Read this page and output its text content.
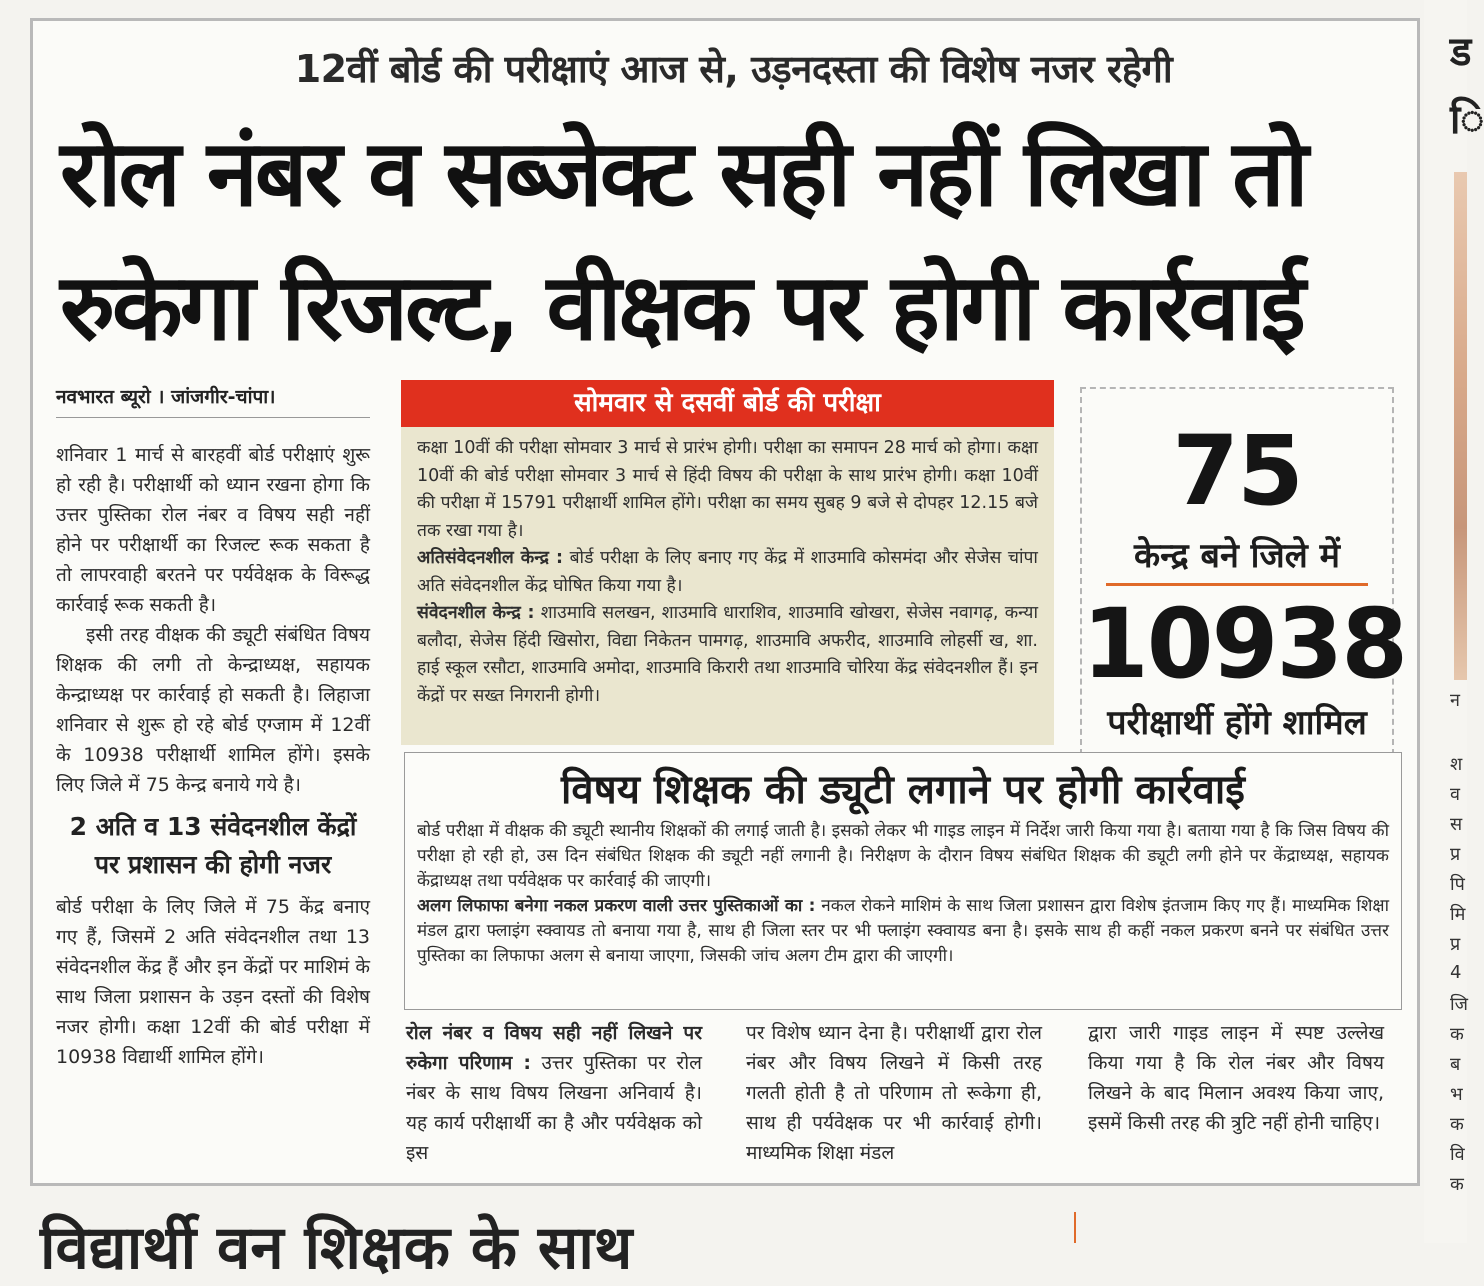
12वीं बोर्ड की परीक्षाएं आज से, उड़नदस्ता की विशेष नजर रहेगी
रोल नंबर व सब्जेक्ट सही नहीं लिखा तो
रुकेगा रिजल्ट, वीक्षक पर होगी कार्रवाई
नवभारत ब्यूरो । जांजगीर-चांपा।
शनिवार 1 मार्च से बारहवीं बोर्ड परीक्षाएं शुरू हो रही है। परीक्षार्थी को ध्यान रखना होगा कि उत्तर पुस्तिका रोल नंबर व विषय सही नहीं होने पर परीक्षार्थी का रिजल्ट रूक सकता है तो लापरवाही बरतने पर पर्यवेक्षक के विरूद्ध कार्रवाई रूक सकती है।
इसी तरह वीक्षक की ड्यूटी संबंधित विषय शिक्षक की लगी तो केन्द्राध्यक्ष, सहायक केन्द्राध्यक्ष पर कार्रवाई हो सकती है। लिहाजा शनिवार से शुरू हो रहे बोर्ड एग्जाम में 12वीं के 10938 परीक्षार्थी शामिल होंगे। इसके लिए जिले में 75 केन्द्र बनाये गये है।
2 अति व 13 संवेदनशील केंद्रों पर प्रशासन की होगी नजर
बोर्ड परीक्षा के लिए जिले में 75 केंद्र बनाए गए हैं, जिसमें 2 अति संवेदनशील तथा 13 संवेदनशील केंद्र हैं और इन केंद्रों पर माशिमं के साथ जिला प्रशासन के उड़न दस्तों की विशेष नजर होगी। कक्षा 12वीं की बोर्ड परीक्षा में 10938 विद्यार्थी शामिल होंगे।
सोमवार से दसवीं बोर्ड की परीक्षा
कक्षा 10वीं की परीक्षा सोमवार 3 मार्च से प्रारंभ होगी। परीक्षा का समापन 28 मार्च को होगा। कक्षा 10वीं की बोर्ड परीक्षा सोमवार 3 मार्च से हिंदी विषय की परीक्षा के साथ प्रारंभ होगी। कक्षा 10वीं की परीक्षा में 15791 परीक्षार्थी शामिल होंगे। परीक्षा का समय सुबह 9 बजे से दोपहर 12.15 बजे तक रखा गया है।
अतिसंवेदनशील केन्द्र : बोर्ड परीक्षा के लिए बनाए गए केंद्र में शाउमावि कोसमंदा और सेजेस चांपा अति संवेदनशील केंद्र घोषित किया गया है।
संवेदनशील केन्द्र : शाउमावि सलखन, शाउमावि धाराशिव, शाउमावि खोखरा, सेजेस नवागढ़, कन्या बलौदा, सेजेस हिंदी खिसोरा, विद्या निकेतन पामगढ़, शाउमावि अफरीद, शाउमावि लोहर्सी ख, शा. हाई स्कूल रसौटा, शाउमावि अमोदा, शाउमावि किरारी तथा शाउमावि चोरिया केंद्र संवेदनशील हैं। इन केंद्रों पर सख्त निगरानी होगी।
75
केन्द्र बने जिले में
10938
परीक्षार्थी होंगे शामिल
विषय शिक्षक की ड्यूटी लगाने पर होगी कार्रवाई
बोर्ड परीक्षा में वीक्षक की ड्यूटी स्थानीय शिक्षकों की लगाई जाती है। इसको लेकर भी गाइड लाइन में निर्देश जारी किया गया है। बताया गया है कि जिस विषय की परीक्षा हो रही हो, उस दिन संबंधित शिक्षक की ड्यूटी नहीं लगानी है। निरीक्षण के दौरान विषय संबंधित शिक्षक की ड्यूटी लगी होने पर केंद्राध्यक्ष, सहायक केंद्राध्यक्ष तथा पर्यवेक्षक पर कार्रवाई की जाएगी।
अलग लिफाफा बनेगा नकल प्रकरण वाली उत्तर पुस्तिकाओं का : नकल रोकने माशिमं के साथ जिला प्रशासन द्वारा विशेष इंतजाम किए गए हैं। माध्यमिक शिक्षा मंडल द्वारा फ्लाइंग स्क्वायड तो बनाया गया है, साथ ही जिला स्तर पर भी फ्लाइंग स्क्वायड बना है। इसके साथ ही कहीं नकल प्रकरण बनने पर संबंधित उत्तर पुस्तिका का लिफाफा अलग से बनाया जाएगा, जिसकी जांच अलग टीम द्वारा की जाएगी।
रोल नंबर व विषय सही नहीं लिखने पर रुकेगा परिणाम : उत्तर पुस्तिका पर रोल नंबर के साथ विषय लिखना अनिवार्य है। यह कार्य परीक्षार्थी का है और पर्यवेक्षक को इस
पर विशेष ध्यान देना है। परीक्षार्थी द्वारा रोल नंबर और विषय लिखने में किसी तरह गलती होती है तो परिणाम तो रूकेगा ही, साथ ही पर्यवेक्षक पर भी कार्रवाई होगी। माध्यमिक शिक्षा मंडल
द्वारा जारी गाइड लाइन में स्पष्ट उल्लेख किया गया है कि रोल नंबर और विषय लिखने के बाद मिलान अवश्य किया जाए, इसमें किसी तरह की त्रुटि नहीं होनी चाहिए।
ड
ि
न
श
व
स
प्र
पि
मि
प्र
4
जि
क
ब
भ
क
वि
क
विद्यार्थी वन शिक्षक के साथ
